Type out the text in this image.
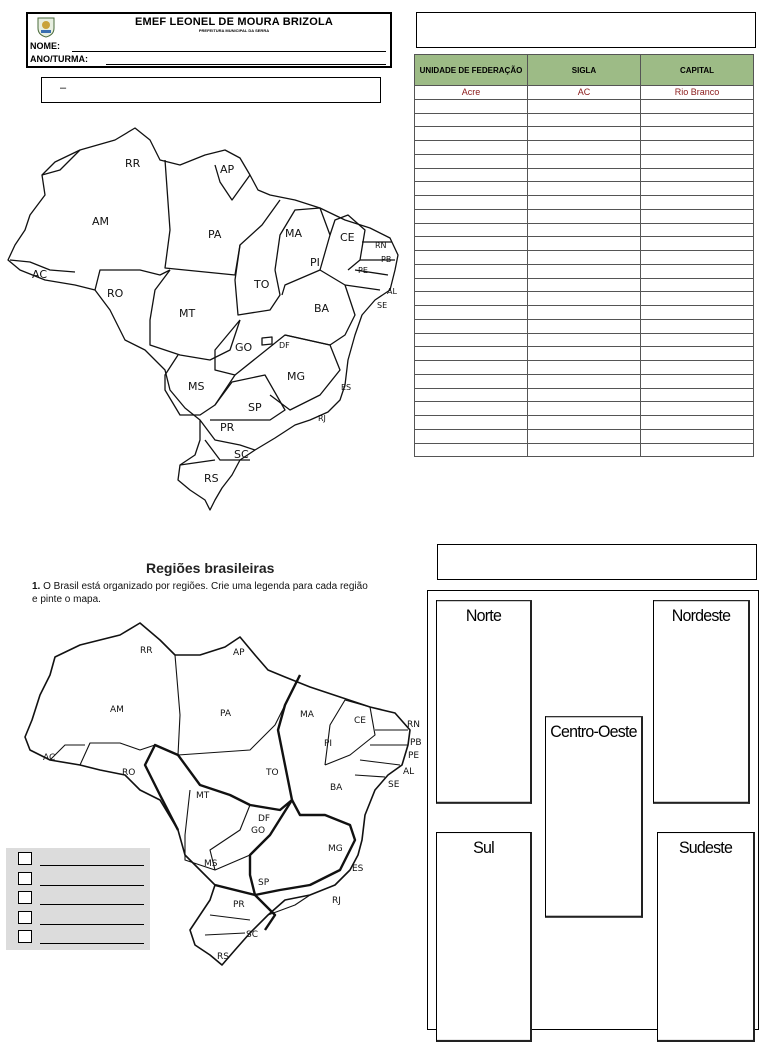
EMEF LEONEL DE MOURA BRIZOLA
PREFEITURA MUNICIPAL DA SERRA
NOME:
ANO/TURMA:
–
UNIDADE DE FEDERAÇÃO	SIGLA	CAPITAL
Acre	AC	Rio Branco

RR	AP
AM
PA	MA	CE
RN
PB
PI
PE
AL
SE
AC
RO
TO
MT	BA
GO	DF
MG
MS	ES
SP
RJ
PR
SC
RS
Regiões brasileiras
1. O Brasil está organizado por regiões. Crie uma legenda para cada região e pinte o mapa.
RR	AP
AM	PA	MA
CE	RN
PB
PE
AL
SE
PI
AC
RO	TO
MT
BA
DF
GO
MG
MS	ES
SP
RJ
PR
SC
RS
Norte	Nordeste
Centro-Oeste
Sul	Sudeste
